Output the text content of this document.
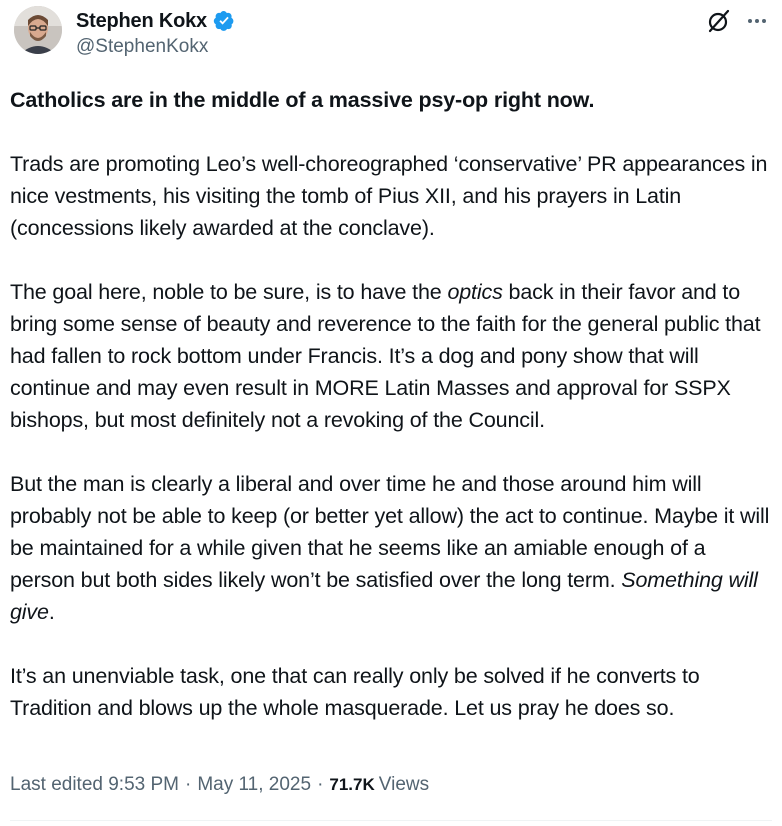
Stephen Kokx
@StephenKokx

Catholics are in the middle of a massive psy-op right now.

Trads are promoting Leo’s well-choreographed ‘conservative’ PR appearances in nice vestments, his visiting the tomb of Pius XII, and his prayers in Latin (concessions likely awarded at the conclave).

The goal here, noble to be sure, is to have the optics back in their favor and to bring some sense of beauty and reverence to the faith for the general public that had fallen to rock bottom under Francis. It’s a dog and pony show that will continue and may even result in MORE Latin Masses and approval for SSPX bishops, but most definitely not a revoking of the Council.

But the man is clearly a liberal and over time he and those around him will probably not be able to keep (or better yet allow) the act to continue. Maybe it will be maintained for a while given that he seems like an amiable enough of a person but both sides likely won’t be satisfied over the long term. Something will give.

It’s an unenviable task, one that can really only be solved if he converts to Tradition and blows up the whole masquerade. Let us pray he does so.

Last edited 9:53 PM · May 11, 2025 · 71.7K Views
